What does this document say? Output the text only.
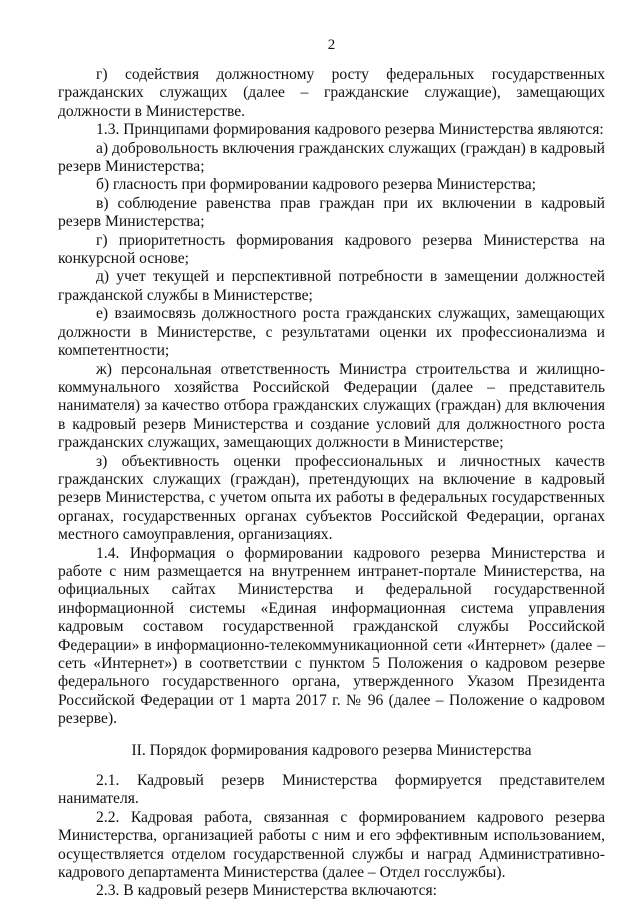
2

г) содействия должностному росту федеральных государственных гражданских служащих (далее – гражданские служащие), замещающих должности в Министерстве.

1.3. Принципами формирования кадрового резерва Министерства являются:

а) добровольность включения гражданских служащих (граждан) в кадровый резерв Министерства;

б) гласность при формировании кадрового резерва Министерства;

в) соблюдение равенства прав граждан при их включении в кадровый резерв Министерства;

г) приоритетность формирования кадрового резерва Министерства на конкурсной основе;

д) учет текущей и перспективной потребности в замещении должностей гражданской службы в Министерстве;

е) взаимосвязь должностного роста гражданских служащих, замещающих должности в Министерстве, с результатами оценки их профессионализма и компетентности;

ж) персональная ответственность Министра строительства и жилищно-коммунального хозяйства Российской Федерации (далее – представитель нанимателя) за качество отбора гражданских служащих (граждан) для включения в кадровый резерв Министерства и создание условий для должностного роста гражданских служащих, замещающих должности в Министерстве;

з) объективность оценки профессиональных и личностных качеств гражданских служащих (граждан), претендующих на включение в кадровый резерв Министерства, с учетом опыта их работы в федеральных государственных органах, государственных органах субъектов Российской Федерации, органах местного самоуправления, организациях.

1.4. Информация о формировании кадрового резерва Министерства и работе с ним размещается на внутреннем интранет-портале Министерства, на официальных сайтах Министерства и федеральной государственной информационной системы «Единая информационная система управления кадровым составом государственной гражданской службы Российской Федерации» в информационно-телекоммуникационной сети «Интернет» (далее – сеть «Интернет») в соответствии с пунктом 5 Положения о кадровом резерве федерального государственного органа, утвержденного Указом Президента Российской Федерации от 1 марта 2017 г. № 96 (далее – Положение о кадровом резерве).

II. Порядок формирования кадрового резерва Министерства

2.1. Кадровый резерв Министерства формируется представителем нанимателя.

2.2. Кадровая работа, связанная с формированием кадрового резерва Министерства, организацией работы с ним и его эффективным использованием, осуществляется отделом государственной службы и наград Административно-кадрового департамента Министерства (далее – Отдел госслужбы).

2.3. В кадровый резерв Министерства включаются:
